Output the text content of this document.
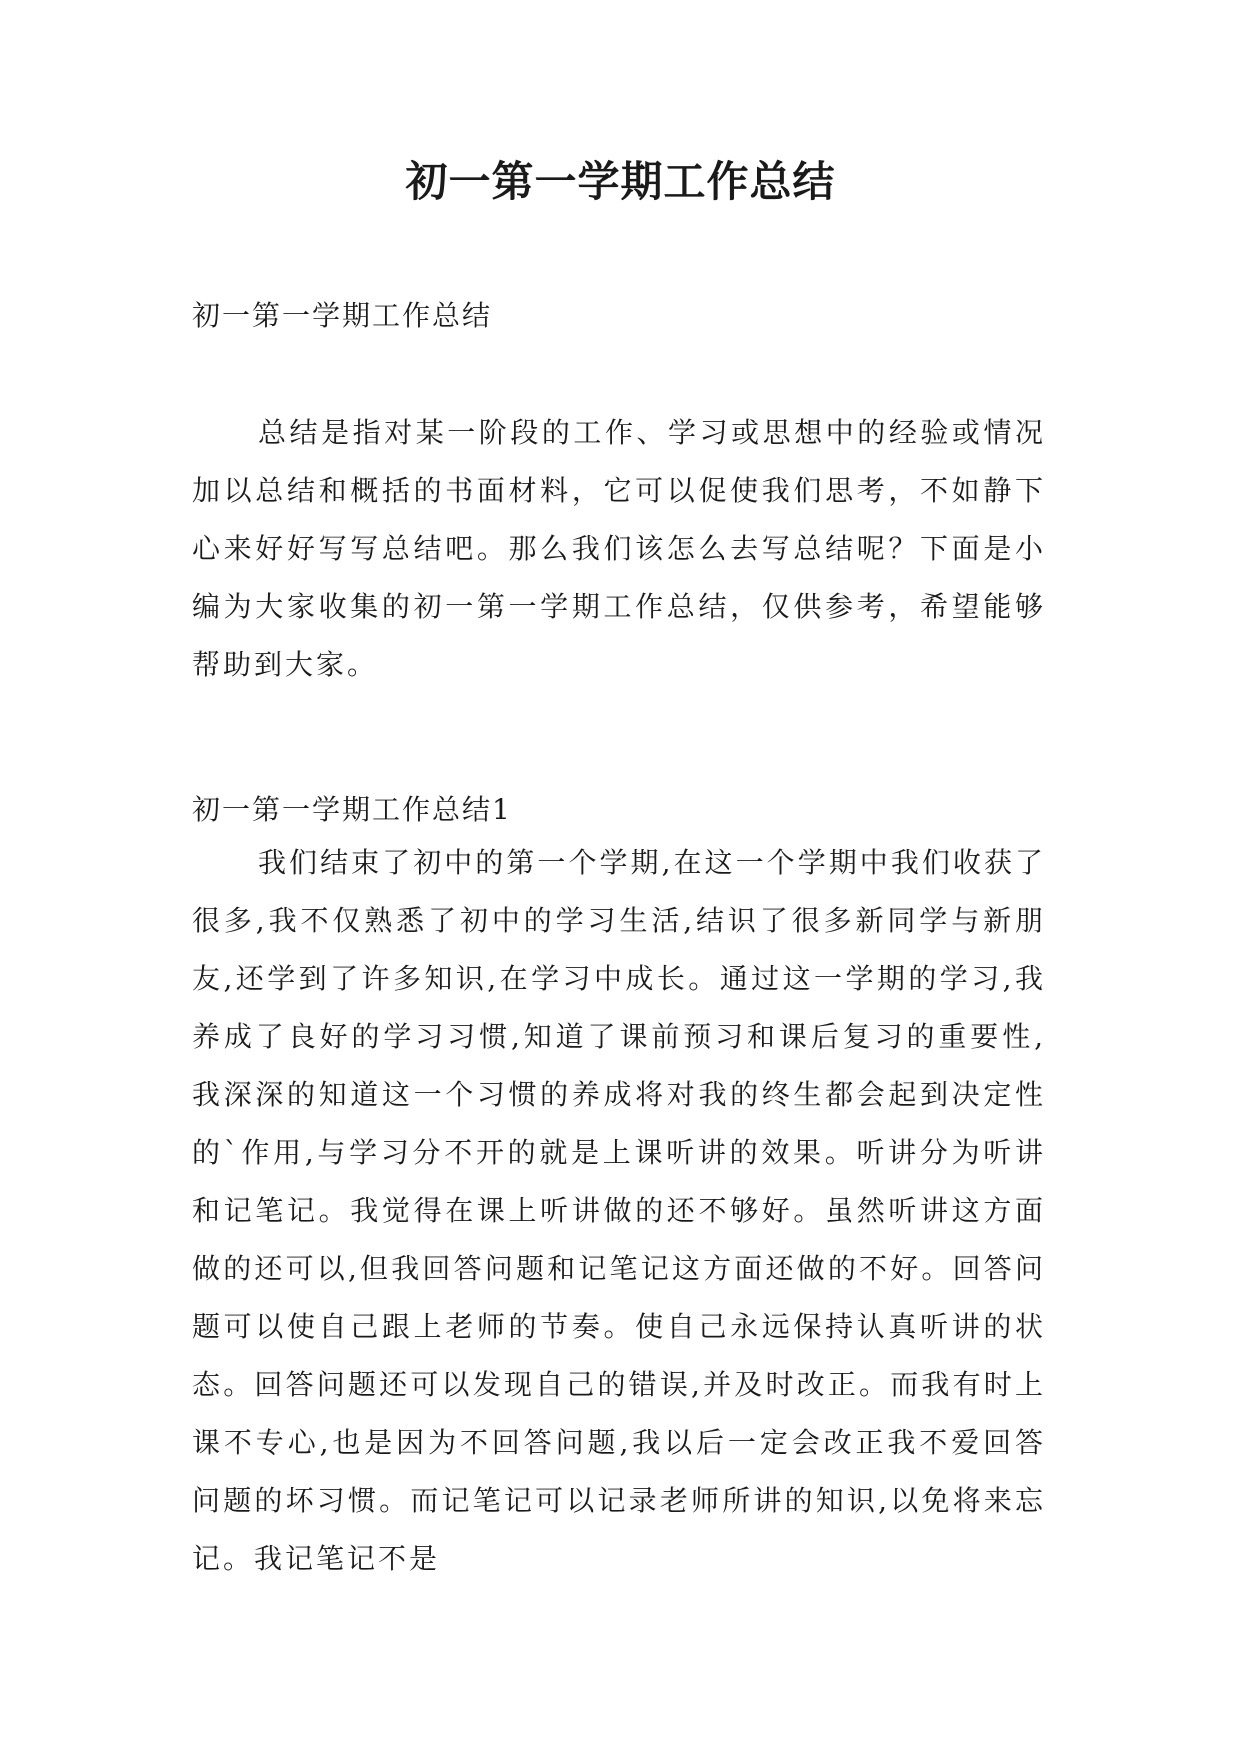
初一第一学期工作总结
初一第一学期工作总结

总结是指对某一阶段的工作、学习或思想中的经验或情况加以总结和概括的书面材料，它可以促使我们思考，不如静下心来好好写写总结吧。那么我们该怎么去写总结呢？下面是小编为大家收集的初一第一学期工作总结，仅供参考，希望能够帮助到大家。

初一第一学期工作总结1

我们结束了初中的第一个学期,在这一个学期中我们收获了很多,我不仅熟悉了初中的学习生活,结识了很多新同学与新朋友,还学到了许多知识,在学习中成长。通过这一学期的学习,我养成了良好的学习习惯,知道了课前预习和课后复习的重要性,我深深的知道这一个习惯的养成将对我的终生都会起到决定性的`作用,与学习分不开的就是上课听讲的效果。听讲分为听讲和记笔记。我觉得在课上听讲做的还不够好。虽然听讲这方面做的还可以,但我回答问题和记笔记这方面还做的不好。回答问题可以使自己跟上老师的节奏。使自己永远保持认真听讲的状态。回答问题还可以发现自己的错误,并及时改正。而我有时上课不专心,也是因为不回答问题,我以后一定会改正我不爱回答问题的坏习惯。而记笔记可以记录老师所讲的知识,以免将来忘记。我记笔记不是
